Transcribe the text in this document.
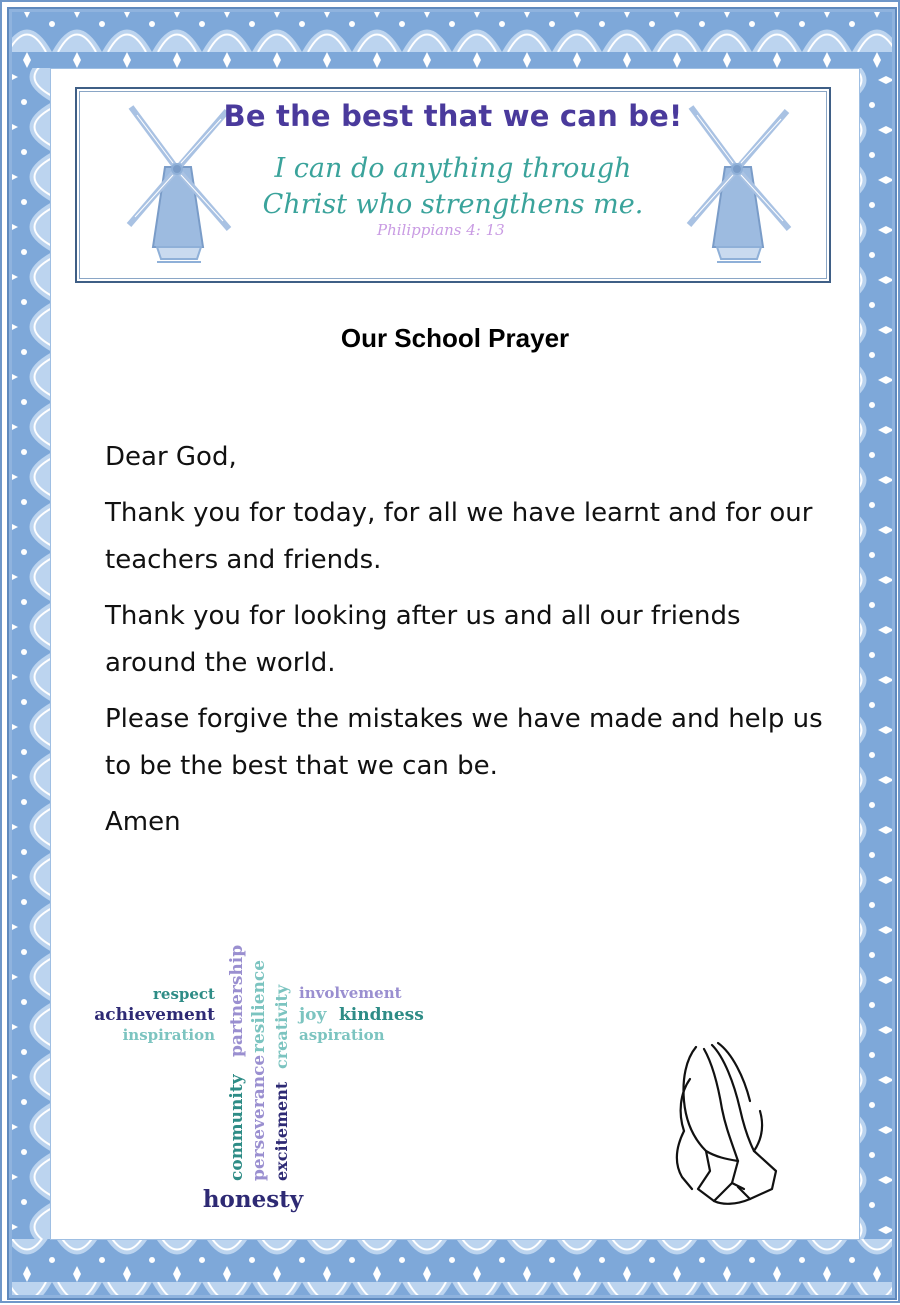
Be the best that we can be!
I can do anything through
Christ who strengthens me.
Philippians 4: 13
Our School Prayer

Dear God,

Thank you for today, for all we have learnt and for our teachers and friends.

Thank you for looking after us and all our friends around the world.

Please forgive the mistakes we have made and help us to be the best that we can be.

Amen

respect
achievement
inspiration
involvement
joy kindness
aspiration
community
partnership
perseverance
resilience
excitement
creativity
honesty
